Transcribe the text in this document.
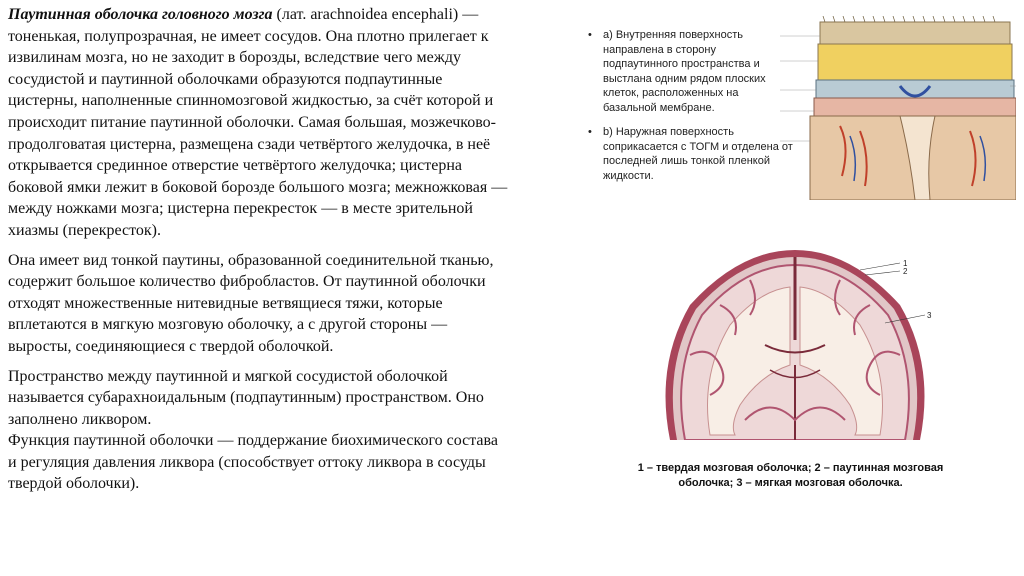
Паутинная оболочка головного мозга (лат. arachnoidea encephali) — тоненькая, полупрозрачная, не имеет сосудов. Она плотно прилегает к извилинам мозга, но не заходит в борозды, вследствие чего между сосудистой и паутинной оболочками образуются подпаутинные цистерны, наполненные спинномозговой жидкостью, за счёт которой и происходит питание паутинной оболочки. Самая большая, мозжечково-продолговатая цистерна, размещена сзади четвёртого желудочка, в неё открывается срединное отверстие четвёртого желудочка; цистерна боковой ямки лежит в боковой борозде большого мозга; межножковая — между ножками мозга; цистерна перекресток — в месте зрительной хиазмы (перекресток).

Она имеет вид тонкой паутины, образованной соединительной тканью, содержит большое количество фибробластов. От паутинной оболочки отходят множественные нитевидные ветвящиеся тяжи, которые вплетаются в мягкую мозговую оболочку, а с другой стороны — выросты, соединяющиеся с твердой оболочкой.

Пространство между паутинной и мягкой сосудистой оболочкой называется субарахноидальным (подпаутинным) пространством. Оно заполнено ликвором.

Функция паутинной оболочки — поддержание биохимического состава и регуляция давления ликвора (способствует оттоку ликвора в сосуды твердой оболочки).

•	a) Внутренняя поверхность направлена в сторону подпаутинного пространства и выстлана одним рядом плоских клеток, расположенных на базальной мембране.
•	b) Наружная поверхность соприкасается с ТОГМ и отделена от последней лишь тонкой пленкой жидкости.
1
2
3
1 – твердая мозговая оболочка; 2 – паутинная мозговая оболочка; 3 – мягкая мозговая оболочка.
